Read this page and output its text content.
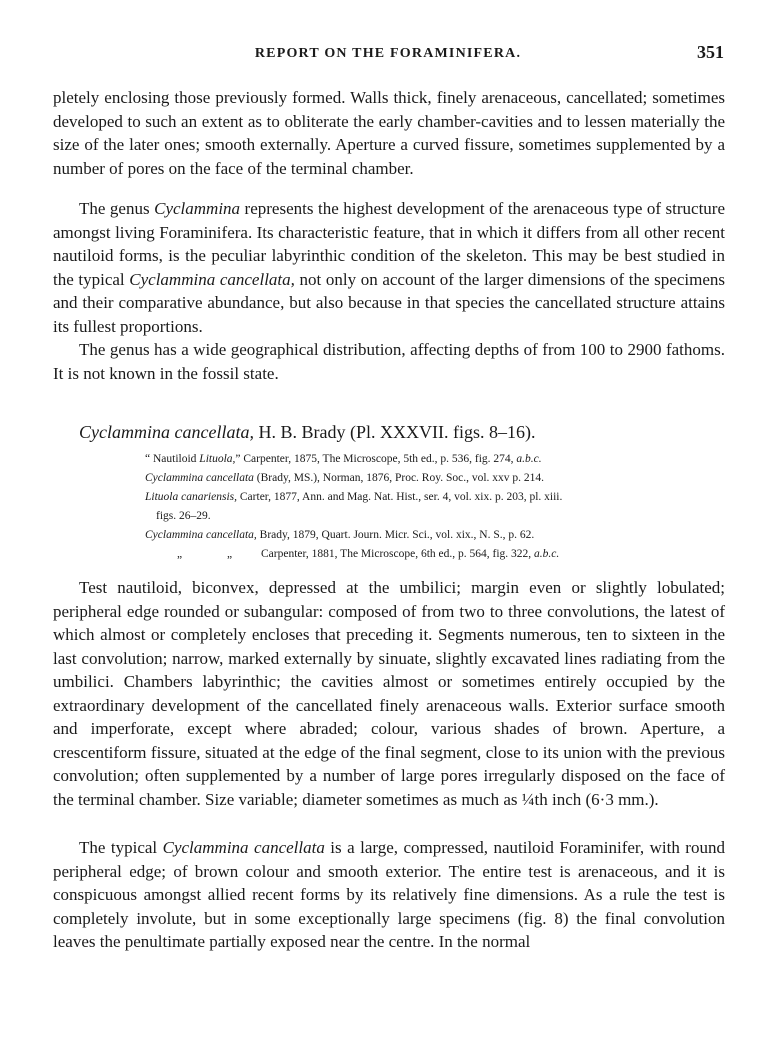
REPORT ON THE FORAMINIFERA.	351

pletely enclosing those previously formed. Walls thick, finely arenaceous, cancellated; sometimes developed to such an extent as to obliterate the early chamber-cavities and to lessen materially the size of the later ones; smooth externally. Aperture a curved fissure, sometimes supplemented by a number of pores on the face of the terminal chamber.

The genus Cyclammina represents the highest development of the arenaceous type of structure amongst living Foraminifera. Its characteristic feature, that in which it differs from all other recent nautiloid forms, is the peculiar labyrinthic condition of the skeleton. This may be best studied in the typical Cyclammina cancellata, not only on account of the larger dimensions of the specimens and their comparative abundance, but also because in that species the cancellated structure attains its fullest proportions.

The genus has a wide geographical distribution, affecting depths of from 100 to 2900 fathoms. It is not known in the fossil state.

Cyclammina cancellata, H. B. Brady (Pl. XXXVII. figs. 8–16).

“ Nautiloid Lituola,” Carpenter, 1875, The Microscope, 5th ed., p. 536, fig. 274, a.b.c.

Cyclammina cancellata (Brady, MS.), Norman, 1876, Proc. Roy. Soc., vol. xxv p. 214.

Lituola canariensis, Carter, 1877, Ann. and Mag. Nat. Hist., ser. 4, vol. xix. p. 203, pl. xiii.
figs. 26–29.

Cyclammina cancellata, Brady, 1879, Quart. Journ. Micr. Sci., vol. xix., N. S., p. 62.

„	„	Carpenter, 1881, The Microscope, 6th ed., p. 564, fig. 322, a.b.c.

Test nautiloid, biconvex, depressed at the umbilici; margin even or slightly lobulated; peripheral edge rounded or subangular: composed of from two to three convolutions, the latest of which almost or completely encloses that preceding it. Segments numerous, ten to sixteen in the last convolution; narrow, marked externally by sinuate, slightly excavated lines radiating from the umbilici. Chambers labyrinthic; the cavities almost or sometimes entirely occupied by the extraordinary development of the cancellated finely arenaceous walls. Exterior surface smooth and imperforate, except where abraded; colour, various shades of brown. Aperture, a crescentiform fissure, situated at the edge of the final segment, close to its union with the previous convolution; often supplemented by a number of large pores irregularly disposed on the face of the terminal chamber. Size variable; diameter sometimes as much as ¼th inch (6·3 mm.).

The typical Cyclammina cancellata is a large, compressed, nautiloid Foraminifer, with round peripheral edge; of brown colour and smooth exterior. The entire test is arenaceous, and it is conspicuous amongst allied recent forms by its relatively fine dimensions. As a rule the test is completely involute, but in some exceptionally large specimens (fig. 8) the final convolution leaves the penultimate partially exposed near the centre. In the normal
